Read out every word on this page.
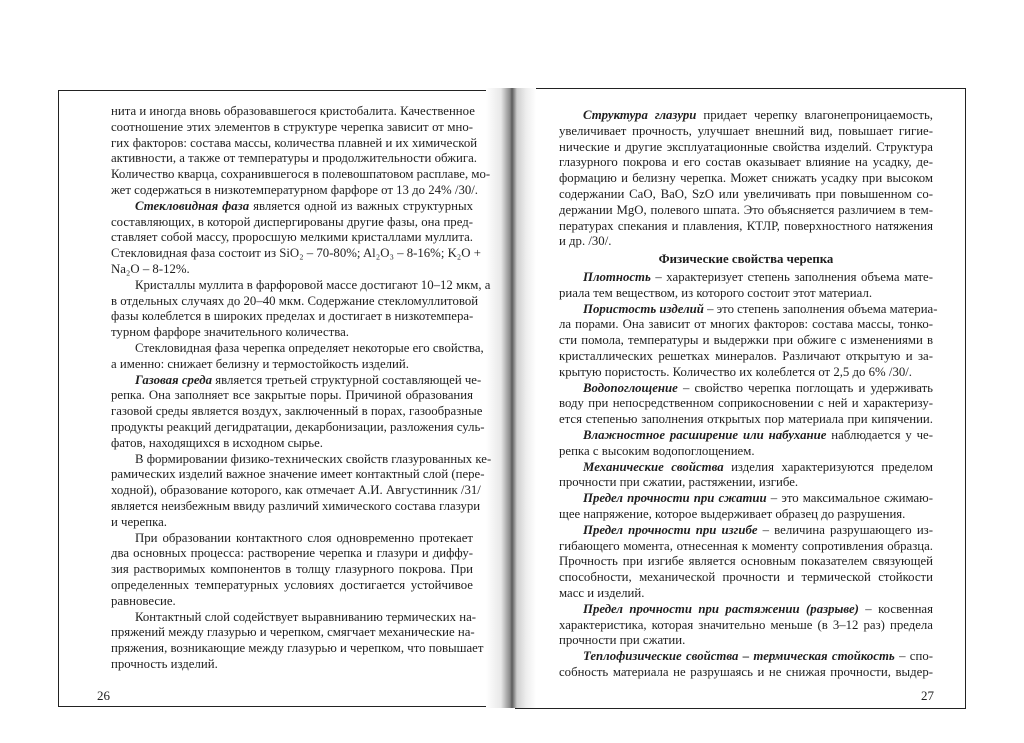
нита и иногда вновь образовавшегося кристобалита. Качественное
соотношение этих элементов в структуре черепка зависит от мно-
гих факторов: состава массы, количества плавней и их химической
активности, а также от температуры и продолжительности обжига.
Количество кварца, сохранившегося в полевошпатовом расплаве, мо-
жет содержаться в низкотемпературном фарфоре от 13 до 24% /30/.
Стекловидная фаза является одной из важных структурных
составляющих, в которой диспергированы другие фазы, она пред-
ставляет собой массу, проросшую мелкими кристаллами муллита.
Стекловидная фаза состоит из SiO₂ – 70-80%; Al₂O₃ – 8-16%; K₂O +
Na₂O – 8-12%.
Кристаллы муллита в фарфоровой массе достигают 10–12 мкм, а
в отдельных случаях до 20–40 мкм. Содержание стекломуллитовой
фазы колеблется в широких пределах и достигает в низкотемпера-
турном фарфоре значительного количества.
Стекловидная фаза черепка определяет некоторые его свойства,
а именно: снижает белизну и термостойкость изделий.
Газовая среда является третьей структурной составляющей че-
репка. Она заполняет все закрытые поры. Причиной образования
газовой среды является воздух, заключенный в порах, газообразные
продукты реакций дегидратации, декарбонизации, разложения суль-
фатов, находящихся в исходном сырье.
В формировании физико-технических свойств глазурованных ке-
рамических изделий важное значение имеет контактный слой (пере-
ходной), образование которого, как отмечает А.И. Августинник /31/
является неизбежным ввиду различий химического состава глазури
и черепка.
При образовании контактного слоя одновременно протекает
два основных процесса: растворение черепка и глазури и диффу-
зия растворимых компонентов в толщу глазурного покрова. При
определенных температурных условиях достигается устойчивое
равновесие.
Контактный слой содействует выравниванию термических на-
пряжений между глазурью и черепком, смягчает механические на-
пряжения, возникающие между глазурью и черепком, что повышает
прочность изделий.
Структура глазури придает черепку влагонепроницаемость,
увеличивает прочность, улучшает внешний вид, повышает гигие-
нические и другие эксплуатационные свойства изделий. Структура
глазурного покрова и его состав оказывает влияние на усадку, де-
формацию и белизну черепка. Может снижать усадку при высоком
содержании CaO, BaO, SzO или увеличивать при повышенном со-
держании MgO, полевого шпата. Это объясняется различием в тем-
пературах спекания и плавления, КТЛР, поверхностного натяжения
и др. /30/.
Физические свойства черепка
Плотность – характеризует степень заполнения объема мате-
риала тем веществом, из которого состоит этот материал.
Пористость изделий – это степень заполнения объема материа-
ла порами. Она зависит от многих факторов: состава массы, тонко-
сти помола, температуры и выдержки при обжиге с изменениями в
кристаллических решетках минералов. Различают открытую и за-
крытую пористость. Количество их колеблется от 2,5 до 6% /30/.
Водопоглощение – свойство черепка поглощать и удерживать
воду при непосредственном соприкосновении с ней и характеризу-
ется степенью заполнения открытых пор материала при кипячении.
Влажностное расширение или набухание наблюдается у че-
репка с высоким водопоглощением.
Механические свойства изделия характеризуются пределом
прочности при сжатии, растяжении, изгибе.
Предел прочности при сжатии – это максимальное сжимаю-
щее напряжение, которое выдерживает образец до разрушения.
Предел прочности при изгибе – величина разрушающего из-
гибающего момента, отнесенная к моменту сопротивления образца.
Прочность при изгибе является основным показателем связующей
способности, механической прочности и термической стойкости
масс и изделий.
Предел прочности при растяжении (разрыве) – косвенная
характеристика, которая значительно меньше (в 3–12 раз) предела
прочности при сжатии.
Теплофизические свойства – термическая стойкость – спо-
собность материала не разрушаясь и не снижая прочности, выдер-
26	27
